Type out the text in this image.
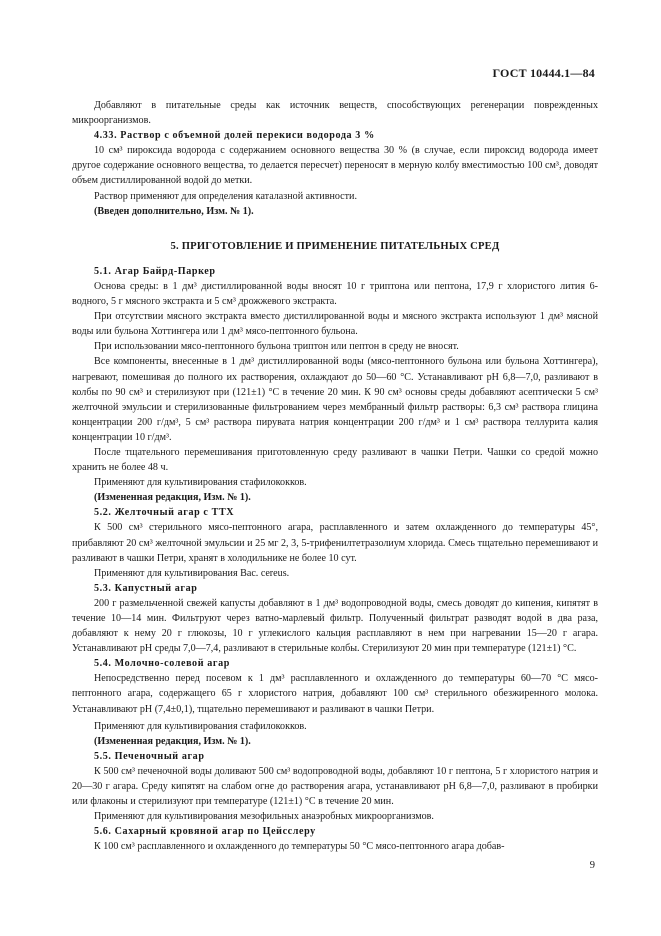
ГОСТ 10444.1—84

Добавляют в питательные среды как источник веществ, способствующих регенерации поврежденных микроорганизмов.

4.33. Раствор с объемной долей перекиси водорода 3 %

10 см³ пироксида водорода с содержанием основного вещества 30 % (в случае, если пироксид водорода имеет другое содержание основного вещества, то делается пересчет) переносят в мерную колбу вместимостью 100 см³, доводят объем дистиллированной водой до метки.

Раствор применяют для определения каталазной активности.

(Введен дополнительно, Изм. № 1).

5. ПРИГОТОВЛЕНИЕ И ПРИМЕНЕНИЕ ПИТАТЕЛЬНЫХ СРЕД

5.1. Агар Байрд-Паркер

Основа среды: в 1 дм³ дистиллированной воды вносят 10 г триптона или пептона, 17,9 г хлористого лития 6-водного, 5 г мясного экстракта и 5 см³ дрожжевого экстракта.

При отсутствии мясного экстракта вместо дистиллированной воды и мясного экстракта используют 1 дм³ мясной воды или бульона Хоттингера или 1 дм³ мясо-пептонного бульона.

При использовании мясо-пептонного бульона триптон или пептон в среду не вносят.

Все компоненты, внесенные в 1 дм³ дистиллированной воды (мясо-пептонного бульона или бульона Хоттингера), нагревают, помешивая до полного их растворения, охлаждают до 50—60 °С. Устанавливают рН 6,8—7,0, разливают в колбы по 90 см³ и стерилизуют при (121±1) °С в течение 20 мин. К 90 см³ основы среды добавляют асептически 5 см³ желточной эмульсии и стерилизованные фильтрованием через мембранный фильтр растворы: 6,3 см³ раствора глицина концентрации 200 г/дм³, 5 см³ раствора пирувата натрия концентрации 200 г/дм³ и 1 см³ раствора теллурита калия концентрации 10 г/дм³.

После тщательного перемешивания приготовленную среду разливают в чашки Петри. Чашки со средой можно хранить не более 48 ч.

Применяют для культивирования стафилококков.

(Измененная редакция, Изм. № 1).

5.2. Желточный агар с ТТХ

К 500 см³ стерильного мясо-пептонного агара, расплавленного и затем охлажденного до температуры 45°, прибавляют 20 см³ желточной эмульсии и 25 мг 2, 3, 5-трифенилтетразолиум хлорида. Смесь тщательно перемешивают и разливают в чашки Петри, хранят в холодильнике не более 10 сут.

Применяют для культивирования Bac. cereus.

5.3. Капустный агар

200 г размельченной свежей капусты добавляют в 1 дм³ водопроводной воды, смесь доводят до кипения, кипятят в течение 10—14 мин. Фильтруют через ватно-марлевый фильтр. Полученный фильтрат разводят водой в два раза, добавляют к нему 20 г глюкозы, 10 г углекислого кальция расплавляют в нем при нагревании 15—20 г агара. Устанавливают рН среды 7,0—7,4, разливают в стерильные колбы. Стерилизуют 20 мин при температуре (121±1) °С.

5.4. Молочно-солевой агар

Непосредственно перед посевом к 1 дм³ расплавленного и охлажденного до температуры 60—70 °С мясо-пептонного агара, содержащего 65 г хлористого натрия, добавляют 100 см³ стерильного обезжиренного молока. Устанавливают рН (7,4±0,1), тщательно перемешивают и разливают в чашки Петри.

Применяют для культивирования стафилококков.

(Измененная редакция, Изм. № 1).

5.5. Печеночный агар

К 500 см³ печеночной воды доливают 500 см³ водопроводной воды, добавляют 10 г пептона, 5 г хлористого натрия и 20—30 г агара. Среду кипятят на слабом огне до растворения агара, устанавливают рН 6,8—7,0, разливают в пробирки или флаконы и стерилизуют при температуре (121±1) °С в течение 20 мин.

Применяют для культивирования мезофильных анаэробных микроорганизмов.

5.6. Сахарный кровяной агар по Цейсслеру

К 100 см³ расплавленного и охлажденного до температуры 50 °С мясо-пептонного агара добав-

9
